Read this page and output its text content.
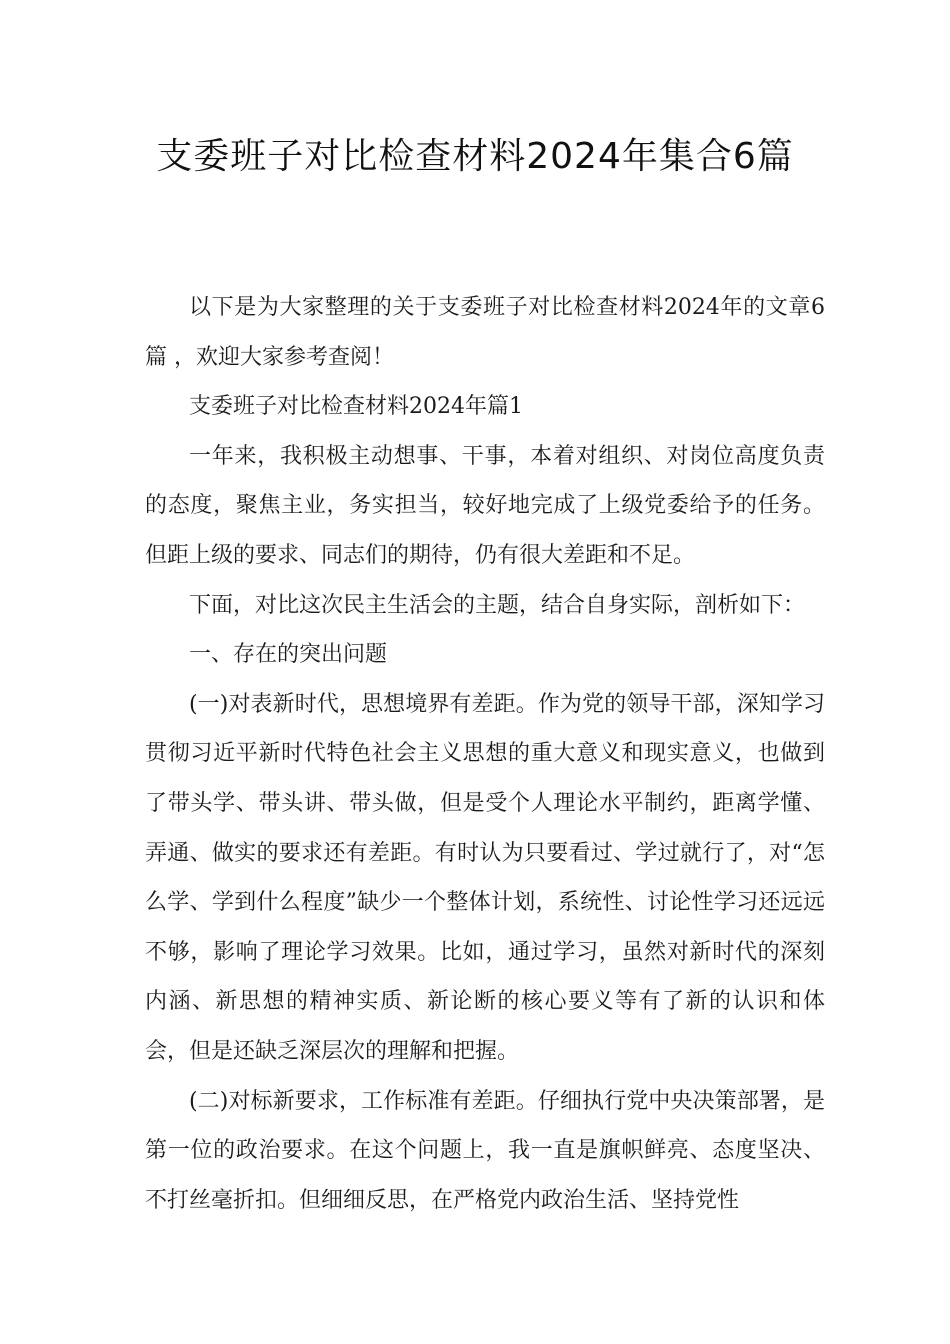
支委班子对比检查材料2024年集合6篇

以下是为大家整理的关于支委班子对比检查材料2024年的文章6篇 ，欢迎大家参考查阅！

支委班子对比检查材料2024年篇1

一年来，我积极主动想事、干事，本着对组织、对岗位高度负责的态度，聚焦主业，务实担当，较好地完成了上级党委给予的任务。但距上级的要求、同志们的期待，仍有很大差距和不足。

下面，对比这次民主生活会的主题，结合自身实际，剖析如下：

一、存在的突出问题

(一)对表新时代，思想境界有差距。作为党的领导干部，深知学习贯彻习近平新时代特色社会主义思想的重大意义和现实意义，也做到了带头学、带头讲、带头做，但是受个人理论水平制约，距离学懂、弄通、做实的要求还有差距。有时认为只要看过、学过就行了，对“怎么学、学到什么程度”缺少一个整体计划，系统性、讨论性学习还远远不够，影响了理论学习效果。比如，通过学习，虽然对新时代的深刻内涵、新思想的精神实质、新论断的核心要义等有了新的认识和体会，但是还缺乏深层次的理解和把握。

(二)对标新要求，工作标准有差距。仔细执行党中央决策部署，是第一位的政治要求。在这个问题上，我一直是旗帜鲜亮、态度坚决、不打丝毫折扣。但细细反思，在严格党内政治生活、坚持党性
